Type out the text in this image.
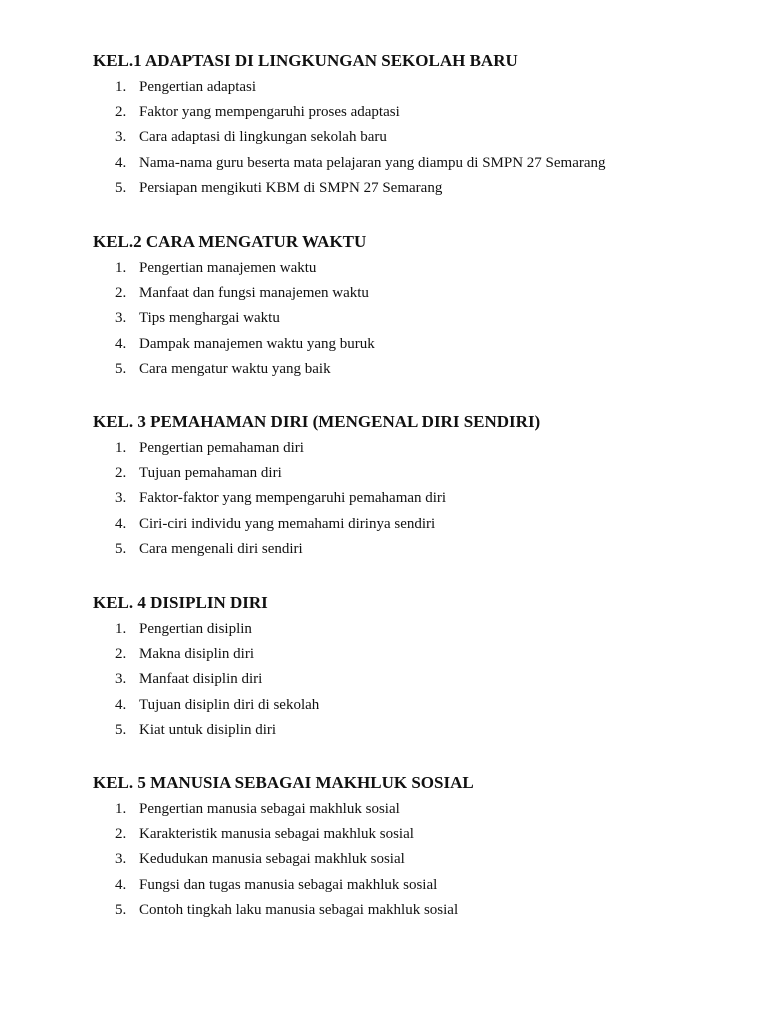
KEL.1 ADAPTASI DI LINGKUNGAN SEKOLAH BARU
1. Pengertian adaptasi
2. Faktor yang mempengaruhi proses adaptasi
3. Cara adaptasi di lingkungan sekolah baru
4. Nama-nama guru beserta mata pelajaran yang diampu di SMPN 27 Semarang
5. Persiapan mengikuti KBM di SMPN 27 Semarang
KEL.2 CARA MENGATUR WAKTU
1. Pengertian manajemen waktu
2. Manfaat dan fungsi manajemen waktu
3. Tips menghargai waktu
4. Dampak manajemen waktu yang buruk
5. Cara mengatur waktu yang baik
KEL. 3 PEMAHAMAN DIRI (MENGENAL DIRI SENDIRI)
1. Pengertian pemahaman diri
2. Tujuan pemahaman diri
3. Faktor-faktor yang mempengaruhi pemahaman diri
4. Ciri-ciri individu yang memahami dirinya sendiri
5. Cara mengenali diri sendiri
KEL. 4 DISIPLIN DIRI
1. Pengertian disiplin
2. Makna disiplin diri
3. Manfaat disiplin diri
4. Tujuan disiplin diri di sekolah
5. Kiat untuk disiplin diri
KEL. 5 MANUSIA SEBAGAI MAKHLUK SOSIAL
1. Pengertian manusia sebagai makhluk sosial
2. Karakteristik manusia sebagai makhluk sosial
3. Kedudukan manusia sebagai makhluk sosial
4. Fungsi dan tugas manusia sebagai makhluk sosial
5. Contoh tingkah laku manusia sebagai makhluk sosial
